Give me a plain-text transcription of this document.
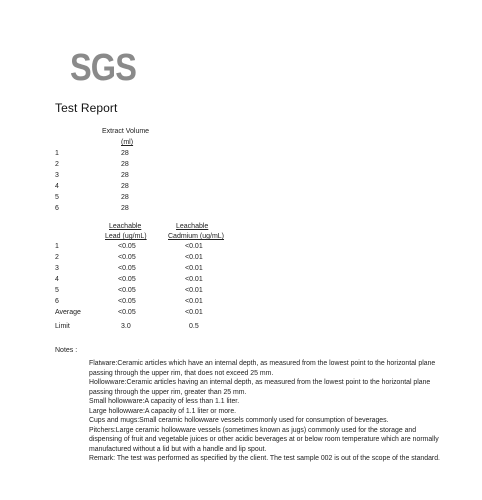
SGS
Test Report
Extract Volume
(ml)
1	28
2	28
3	28
4	28
5	28
6	28
Leachable
Lead (ug/mL)
Leachable
Cadmium (ug/mL)
1	<0.05	<0.01
2	<0.05	<0.01
3	<0.05	<0.01
4	<0.05	<0.01
5	<0.05	<0.01
6	<0.05	<0.01
Average	<0.05	<0.01
Limit	3.0	0.5
Notes :

Flatware:Ceramic articles which have an internal depth, as measured from the lowest point to the horizontal plane passing through the upper rim, that does not exceed 25 mm.

Hollowware:Ceramic articles having an internal depth, as measured from the lowest point to the horizontal plane passing through the upper rim, greater than 25 mm.

Small hollowware:A capacity of less than 1.1 liter.

Large hollowware:A capacity of 1.1 liter or more.

Cups and mugs:Small ceramic hollowware vessels commonly used for consumption of beverages.

Pitchers:Large ceramic hollowware vessels (sometimes known as jugs) commonly used for the storage and dispensing of fruit and vegetable juices or other acidic beverages at or below room temperature which are normally manufactured without a lid but with a handle and lip spout.

Remark: The test was performed as specified by the client. The test sample 002 is out of the scope of the standard.
